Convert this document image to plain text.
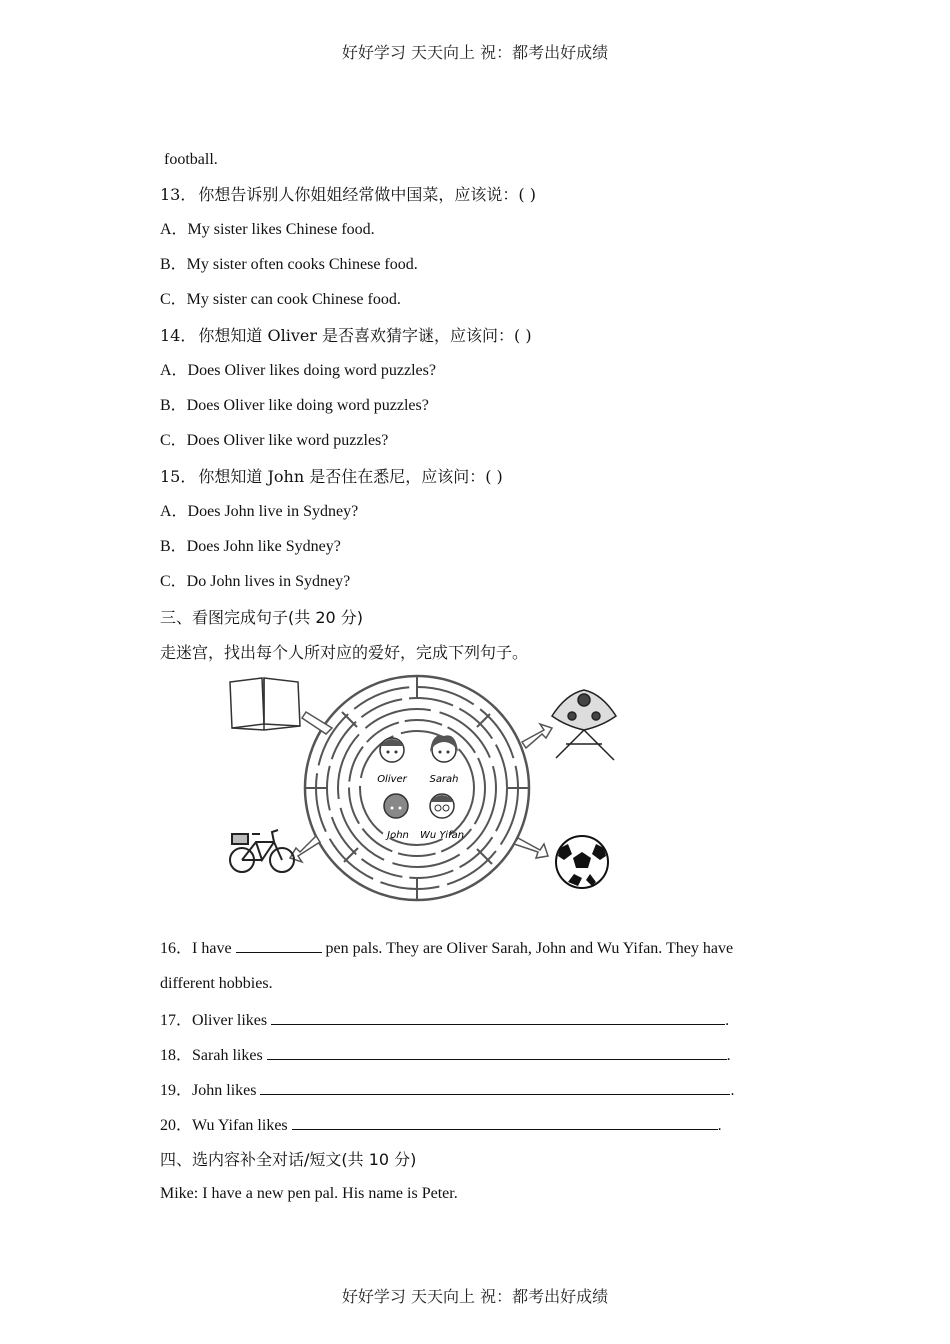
好好学习 天天向上 祝：都考出好成绩
football.
13． 你想告诉别人你姐姐经常做中国菜，应该说：( )
A．My sister likes Chinese food.
B．My sister often cooks Chinese food.
C．My sister can cook Chinese food.
14． 你想知道 Oliver 是否喜欢猜字谜，应该问：( )
A．Does Oliver likes doing word puzzles?
B．Does Oliver like doing word puzzles?
C．Does Oliver like word puzzles?
15． 你想知道 John 是否住在悉尼，应该问：( )
A．Does John live in Sydney?
B．Does John like Sydney?
C．Do John lives in Sydney?
三、看图完成句子(共 20 分)
走迷宫，找出每个人所对应的爱好，完成下列句子。
Oliver Sarah
John Wu Yifan
16．I have	pen pals. They are Oliver Sarah, John and Wu Yifan. They have
different hobbies.
17．Oliver likes	.
18．Sarah likes	.
19．John likes	.
20．Wu Yifan likes	.
四、选内容补全对话/短文(共 10 分)
Mike: I have a new pen pal. His name is Peter.
好好学习 天天向上 祝：都考出好成绩
